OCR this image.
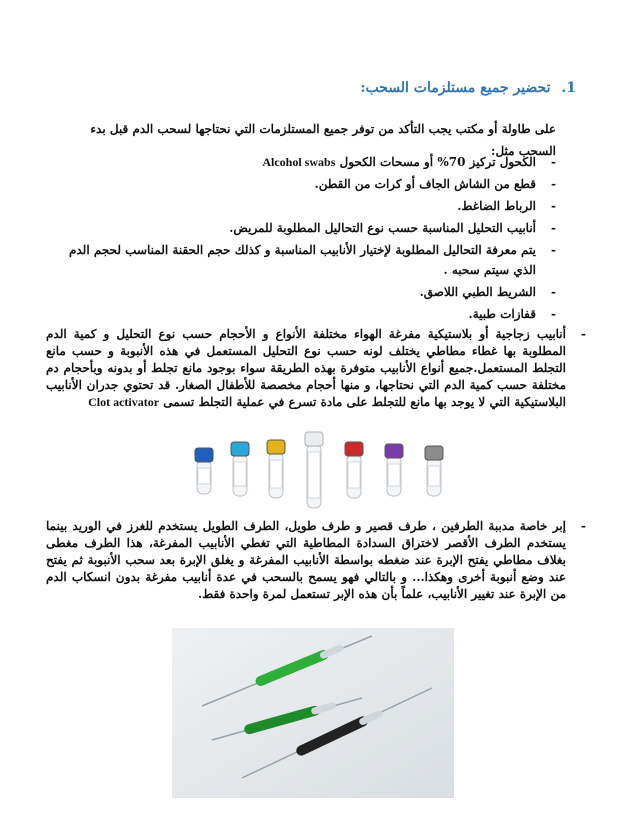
1. تحضير جميع مستلزمات السحب:
على طاولة أو مكتب يجب التأكد من توفر جميع المستلزمات التي نحتاجها لسحب الدم قبل بدء
السحب مثل:
-
الكحول تركيز 70% أو مسحات الكحول Alcohol swabs
-
قطع من الشاش الجاف أو كرات من القطن.
-
الرباط الضاغط.
-
أنابيب التحليل المناسبة حسب نوع التحاليل المطلوبة للمريض.
-
يتم معرفة التحاليل المطلوبة لإختيار الأنابيب المناسبة و كذلك حجم الحقنة المناسب لحجم الدم الذي سيتم سحبه .
-
الشريط الطبي اللاصق.
-
قفازات طبية.
-
أنابيب زجاجية أو بلاستيكية مفرغة الهواء مختلفة الأنواع و الأحجام حسب نوع التحليل و كمية الدم المطلوبة بها غطاء مطاطي يختلف لونه حسب نوع التحليل المستعمل في هذه الأنبوبة و حسب مانع التجلط المستعمل.جميع أنواع الأنابيب متوفرة بهذه الطريقة سواء بوجود مانع تجلط أو بدونه وبأحجام دم مختلفة حسب كمية الدم التي نحتاجها، و منها أحجام مخصصة للأطفال الصغار. قد تحتوي جدران الأنابيب البلاستيكية التي لا يوجد بها مانع للتجلط على مادة تسرع في عملية التجلط تسمى Clot activator
-
إبر خاصة مدببة الطرفين ، طرف قصير و طرف طويل، الطرف الطويل يستخدم للغرز في الوريد بينما يستخدم الطرف الأقصر لاختراق السدادة المطاطية التي تغطي الأنابيب المفرغة، هذا الطرف مغطى بغلاف مطاطي يفتح الإبرة عند ضغطه بواسطة الأنابيب المفرغة و يغلق الإبرة بعد سحب الأنبوبة ثم يفتح عند وضع أنبوبة أخرى وهكذا... و بالتالي فهو يسمح بالسحب في عدة أنابيب مفرغة بدون انسكاب الدم من الإبرة عند تغيير الأنابيب، علماً بأن هذه الإبر تستعمل لمرة واحدة فقط.
